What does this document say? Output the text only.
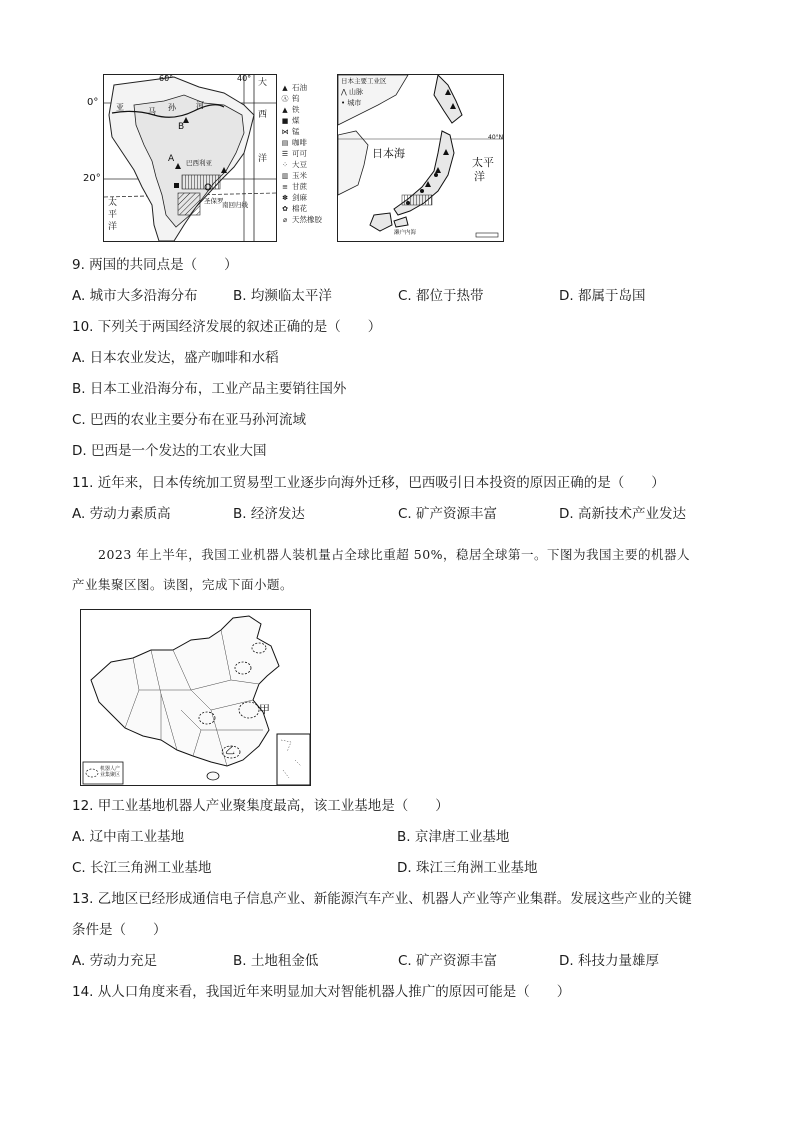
60°	40°
亚	马 孙	河
A
B
巴西利亚
圣保罗
南回归线
大
西
洋
太
平
洋
0°
20°
▲ 石油
Ⓐ 钨
▲ 铁
■ 煤
⋈ 锰
▤ 咖啡
☰ 可可
⁘ 大豆
▥ 玉米
≡ 甘蔗
✽ 剑麻
✿ 棉花
⌀ 天然橡胶
日本主要工业区
⋀ 山脉
• 城市
日本海
太平
洋
40°N
濑户内海
9. 两国的共同点是（　　）
A. 城市大多沿海分布	B. 均濒临太平洋	C. 都位于热带	D. 都属于岛国
10. 下列关于两国经济发展的叙述正确的是（　　）
A. 日本农业发达，盛产咖啡和水稻
B. 日本工业沿海分布，工业产品主要销往国外
C. 巴西的农业主要分布在亚马孙河流域
D. 巴西是一个发达的工农业大国
11. 近年来，日本传统加工贸易型工业逐步向海外迁移，巴西吸引日本投资的原因正确的是（　　）
A. 劳动力素质高	B. 经济发达	C. 矿产资源丰富	D. 高新技术产业发达
2023 年上半年，我国工业机器人装机量占全球比重超 50%，稳居全球第一。下图为我国主要的机器人
产业集聚区图。读图，完成下面小题。
甲
乙
机器人产业集聚区
12. 甲工业基地机器人产业聚集度最高，该工业基地是（　　）
A. 辽中南工业基地	B. 京津唐工业基地
C. 长江三角洲工业基地	D. 珠江三角洲工业基地
13. 乙地区已经形成通信电子信息产业、新能源汽车产业、机器人产业等产业集群。发展这些产业的关键
条件是（　　）
A. 劳动力充足	B. 土地租金低	C. 矿产资源丰富	D. 科技力量雄厚
14. 从人口角度来看，我国近年来明显加大对智能机器人推广的原因可能是（　　）
